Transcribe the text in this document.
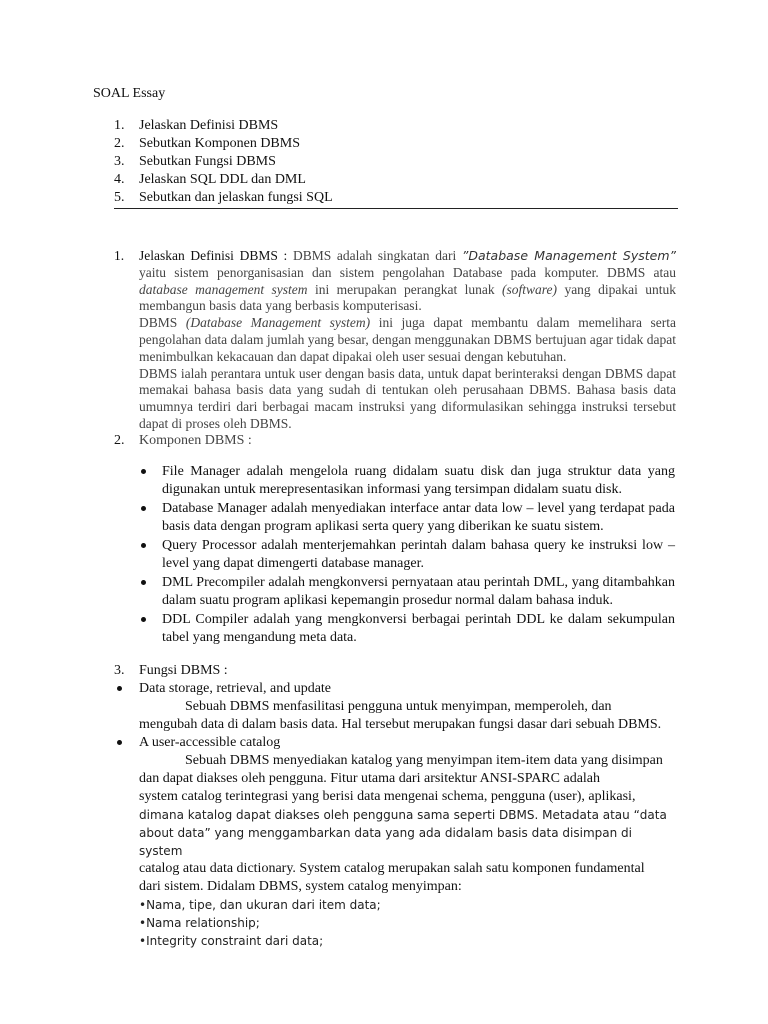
SOAL Essay
1.	Jelaskan Definisi DBMS
2.	Sebutkan Komponen DBMS
3.	Sebutkan Fungsi DBMS
4.	Jelaskan SQL DDL dan DML
5.	Sebutkan dan jelaskan fungsi SQL
1. Jelaskan Definisi DBMS : DBMS adalah singkatan dari ”Database Management System” yaitu sistem penorganisasian dan sistem pengolahan Database pada komputer. DBMS atau database management system ini merupakan perangkat lunak (software) yang dipakai untuk membangun basis data yang berbasis komputerisasi.
DBMS (Database Management system) ini juga dapat membantu dalam memelihara serta pengolahan data dalam jumlah yang besar, dengan menggunakan DBMS bertujuan agar tidak dapat menimbulkan kekacauan dan dapat dipakai oleh user sesuai dengan kebutuhan.
DBMS ialah perantara untuk user dengan basis data, untuk dapat berinteraksi dengan DBMS dapat memakai bahasa basis data yang sudah di tentukan oleh perusahaan DBMS. Bahasa basis data umumnya terdiri dari berbagai macam instruksi yang diformulasikan sehingga instruksi tersebut dapat di proses oleh DBMS.
2. Komponen DBMS :
File Manager adalah mengelola ruang didalam suatu disk dan juga struktur data yang digunakan untuk merepresentasikan informasi yang tersimpan didalam suatu disk.
Database Manager adalah menyediakan interface antar data low – level yang terdapat pada basis data dengan program aplikasi serta query yang diberikan ke suatu sistem.
Query Processor adalah menterjemahkan perintah dalam bahasa query ke instruksi low – level yang dapat dimengerti database manager.
DML Precompiler adalah mengkonversi pernyataan atau perintah DML, yang ditambahkan dalam suatu program aplikasi kepemangin prosedur normal dalam bahasa induk.
DDL Compiler adalah yang mengkonversi berbagai perintah DDL ke dalam sekumpulan tabel yang mengandung meta data.
3. Fungsi DBMS :
Data storage, retrieval, and update
Sebuah DBMS menfasilitasi pengguna untuk menyimpan, memperoleh, dan
mengubah data di dalam basis data. Hal tersebut merupakan fungsi dasar dari sebuah DBMS.
A user-accessible catalog
Sebuah DBMS menyediakan katalog yang menyimpan item-item data yang disimpan
dan dapat diakses oleh pengguna. Fitur utama dari arsitektur ANSI-SPARC adalah
system catalog terintegrasi yang berisi data mengenai schema, pengguna (user), aplikasi,
dimana katalog dapat diakses oleh pengguna sama seperti DBMS. Metadata atau “data
about data” yang menggambarkan data yang ada didalam basis data disimpan di system
catalog atau data dictionary. System catalog merupakan salah satu komponen fundamental
dari sistem. Didalam DBMS, system catalog menyimpan:
•Nama, tipe, dan ukuran dari item data;
•Nama relationship;
•Integrity constraint dari data;
